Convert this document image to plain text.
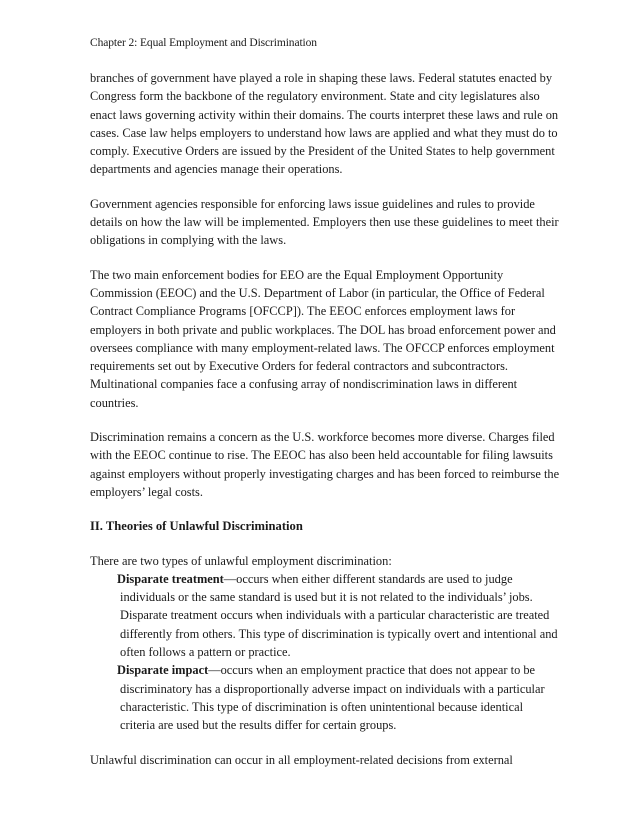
Chapter 2: Equal Employment and Discrimination

branches of government have played a role in shaping these laws. Federal statutes enacted by Congress form the backbone of the regulatory environment. State and city legislatures also enact laws governing activity within their domains. The courts interpret these laws and rule on cases. Case law helps employers to understand how laws are applied and what they must do to comply. Executive Orders are issued by the President of the United States to help government departments and agencies manage their operations.

Government agencies responsible for enforcing laws issue guidelines and rules to provide details on how the law will be implemented. Employers then use these guidelines to meet their obligations in complying with the laws.

The two main enforcement bodies for EEO are the Equal Employment Opportunity Commission (EEOC) and the U.S. Department of Labor (in particular, the Office of Federal Contract Compliance Programs [OFCCP]). The EEOC enforces employment laws for employers in both private and public workplaces. The DOL has broad enforcement power and oversees compliance with many employment-related laws. The OFCCP enforces employment requirements set out by Executive Orders for federal contractors and subcontractors. Multinational companies face a confusing array of nondiscrimination laws in different countries.

Discrimination remains a concern as the U.S. workforce becomes more diverse. Charges filed with the EEOC continue to rise. The EEOC has also been held accountable for filing lawsuits against employers without properly investigating charges and has been forced to reimburse the employers’ legal costs.

II. Theories of Unlawful Discrimination

There are two types of unlawful employment discrimination:

Disparate treatment—occurs when either different standards are used to judge individuals or the same standard is used but it is not related to the individuals’ jobs. Disparate treatment occurs when individuals with a particular characteristic are treated differently from others. This type of discrimination is typically overt and intentional and often follows a pattern or practice.
Disparate impact—occurs when an employment practice that does not appear to be discriminatory has a disproportionally adverse impact on individuals with a particular characteristic. This type of discrimination is often unintentional because identical criteria are used but the results differ for certain groups.

Unlawful discrimination can occur in all employment-related decisions from external
